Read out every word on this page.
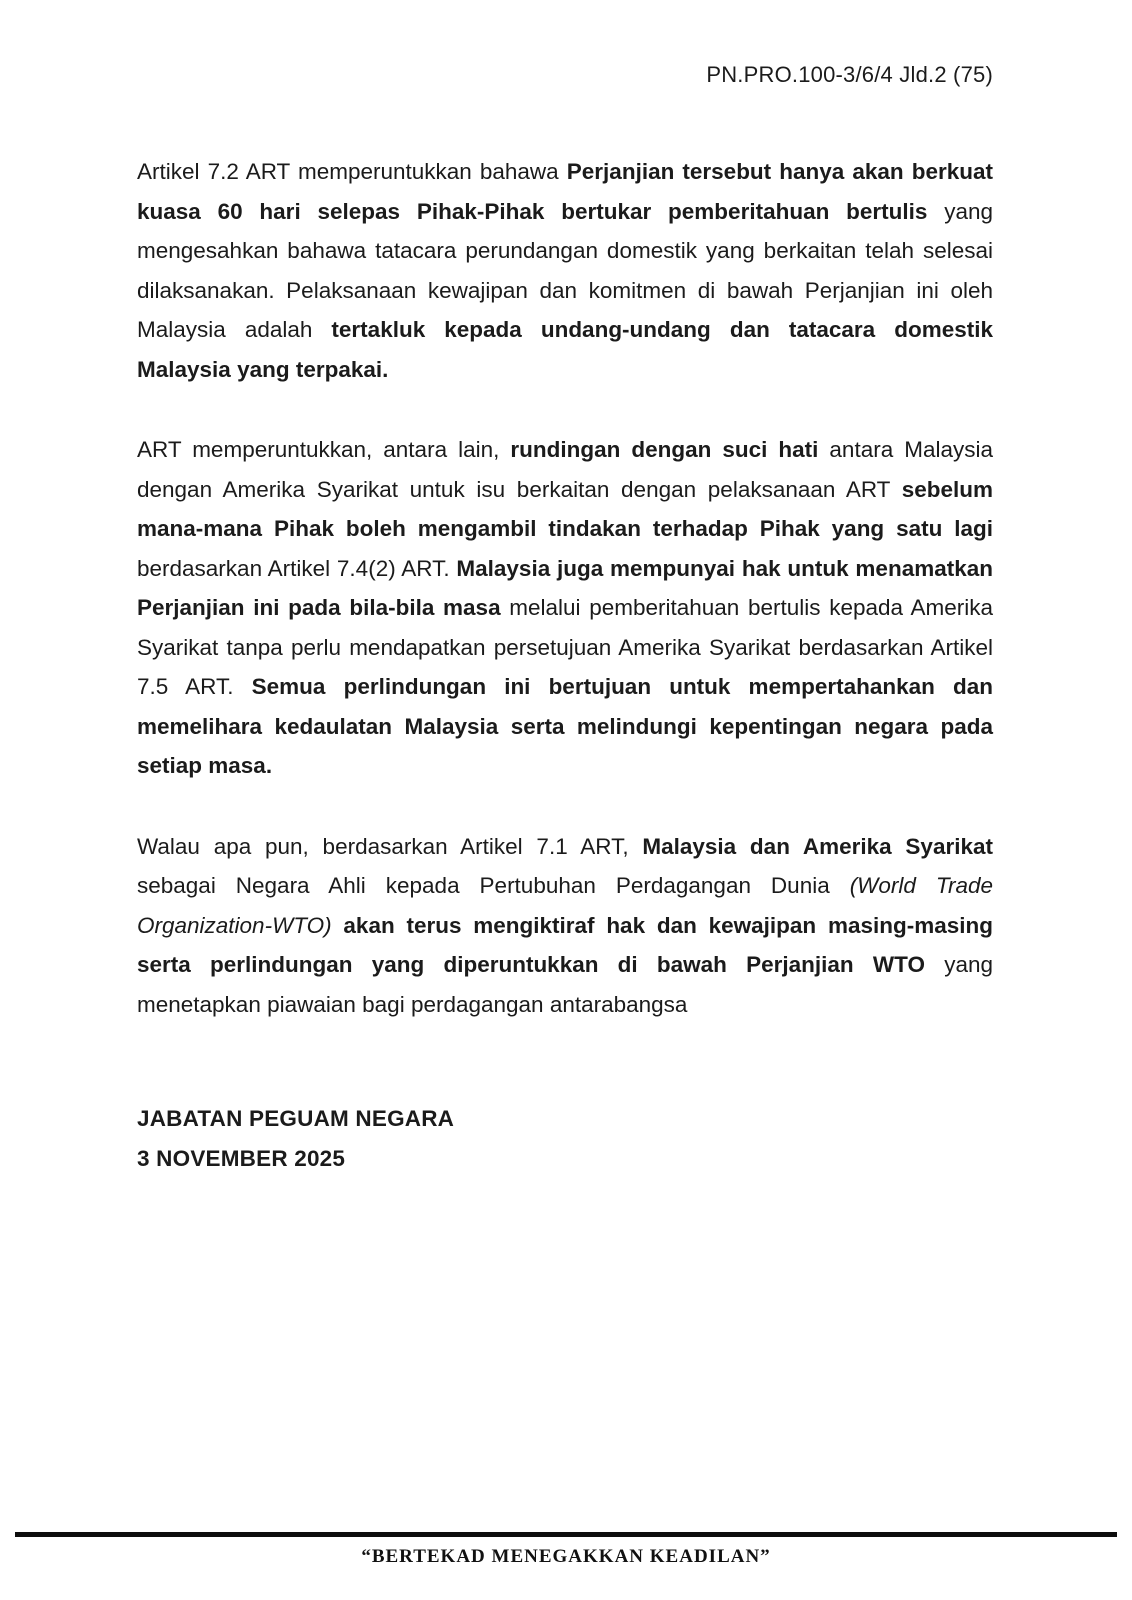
PN.PRO.100-3/6/4 Jld.2 (75)

Artikel 7.2 ART memperuntukkan bahawa Perjanjian tersebut hanya akan berkuat kuasa 60 hari selepas Pihak-Pihak bertukar pemberitahuan bertulis yang mengesahkan bahawa tatacara perundangan domestik yang berkaitan telah selesai dilaksanakan. Pelaksanaan kewajipan dan komitmen di bawah Perjanjian ini oleh Malaysia adalah tertakluk kepada undang-undang dan tatacara domestik Malaysia yang terpakai.

ART memperuntukkan, antara lain, rundingan dengan suci hati antara Malaysia dengan Amerika Syarikat untuk isu berkaitan dengan pelaksanaan ART sebelum mana-mana Pihak boleh mengambil tindakan terhadap Pihak yang satu lagi berdasarkan Artikel 7.4(2) ART. Malaysia juga mempunyai hak untuk menamatkan Perjanjian ini pada bila-bila masa melalui pemberitahuan bertulis kepada Amerika Syarikat tanpa perlu mendapatkan persetujuan Amerika Syarikat berdasarkan Artikel 7.5 ART. Semua perlindungan ini bertujuan untuk mempertahankan dan memelihara kedaulatan Malaysia serta melindungi kepentingan negara pada setiap masa.

Walau apa pun, berdasarkan Artikel 7.1 ART, Malaysia dan Amerika Syarikat sebagai Negara Ahli kepada Pertubuhan Perdagangan Dunia (World Trade Organization-WTO) akan terus mengiktiraf hak dan kewajipan masing-masing serta perlindungan yang diperuntukkan di bawah Perjanjian WTO yang menetapkan piawaian bagi perdagangan antarabangsa

JABATAN PEGUAM NEGARA
3 NOVEMBER 2025
“BERTEKAD MENEGAKKAN KEADILAN”
